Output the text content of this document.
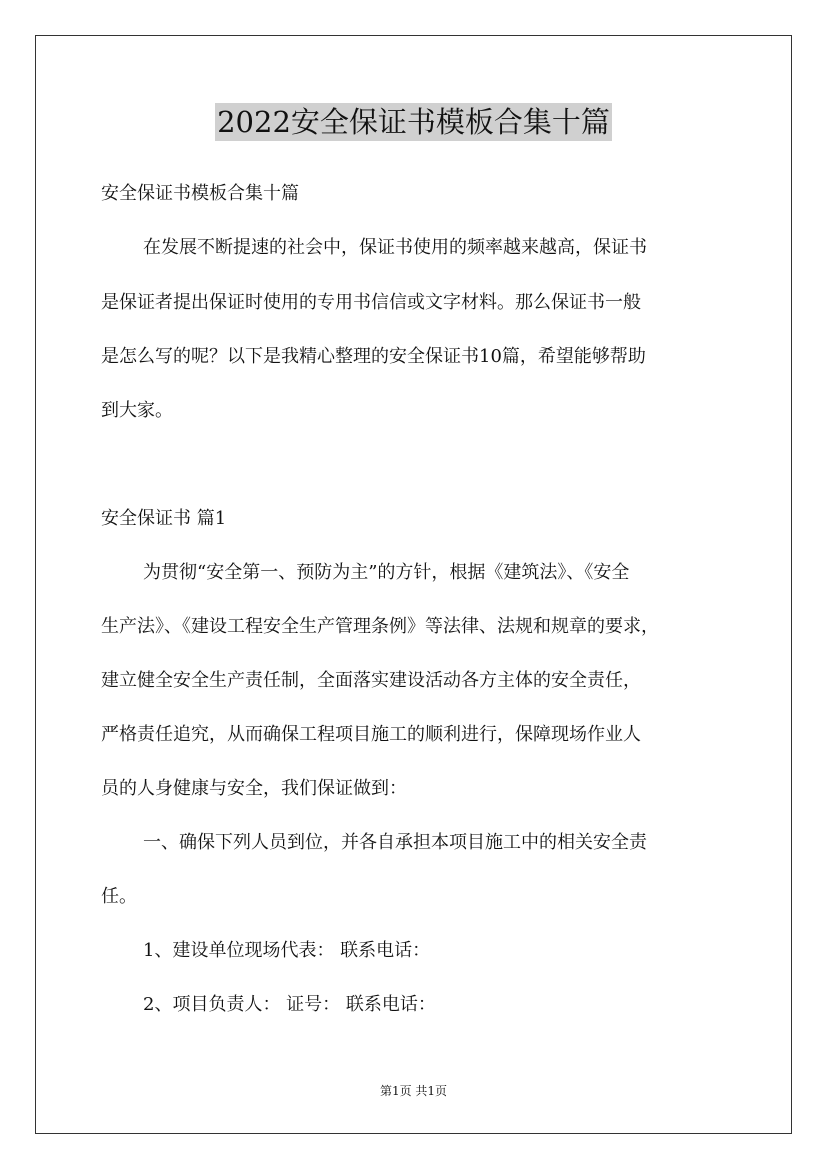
2022安全保证书模板合集十篇
安全保证书模板合集十篇
在发展不断提速的社会中，保证书使用的频率越来越高，保证书
是保证者提出保证时使用的专用书信信或文字材料。那么保证书一般
是怎么写的呢？以下是我精心整理的安全保证书10篇，希望能够帮助
到大家。
安全保证书 篇1
为贯彻“安全第一、预防为主”的方针，根据《建筑法》、《安全
生产法》、《建设工程安全生产管理条例》等法律、法规和规章的要求，
建立健全安全生产责任制，全面落实建设活动各方主体的安全责任，
严格责任追究，从而确保工程项目施工的顺利进行，保障现场作业人
员的人身健康与安全，我们保证做到：
一、确保下列人员到位，并各自承担本项目施工中的相关安全责
任。
1、建设单位现场代表： 联系电话：
2、项目负责人： 证号： 联系电话：
第1页 共1页
